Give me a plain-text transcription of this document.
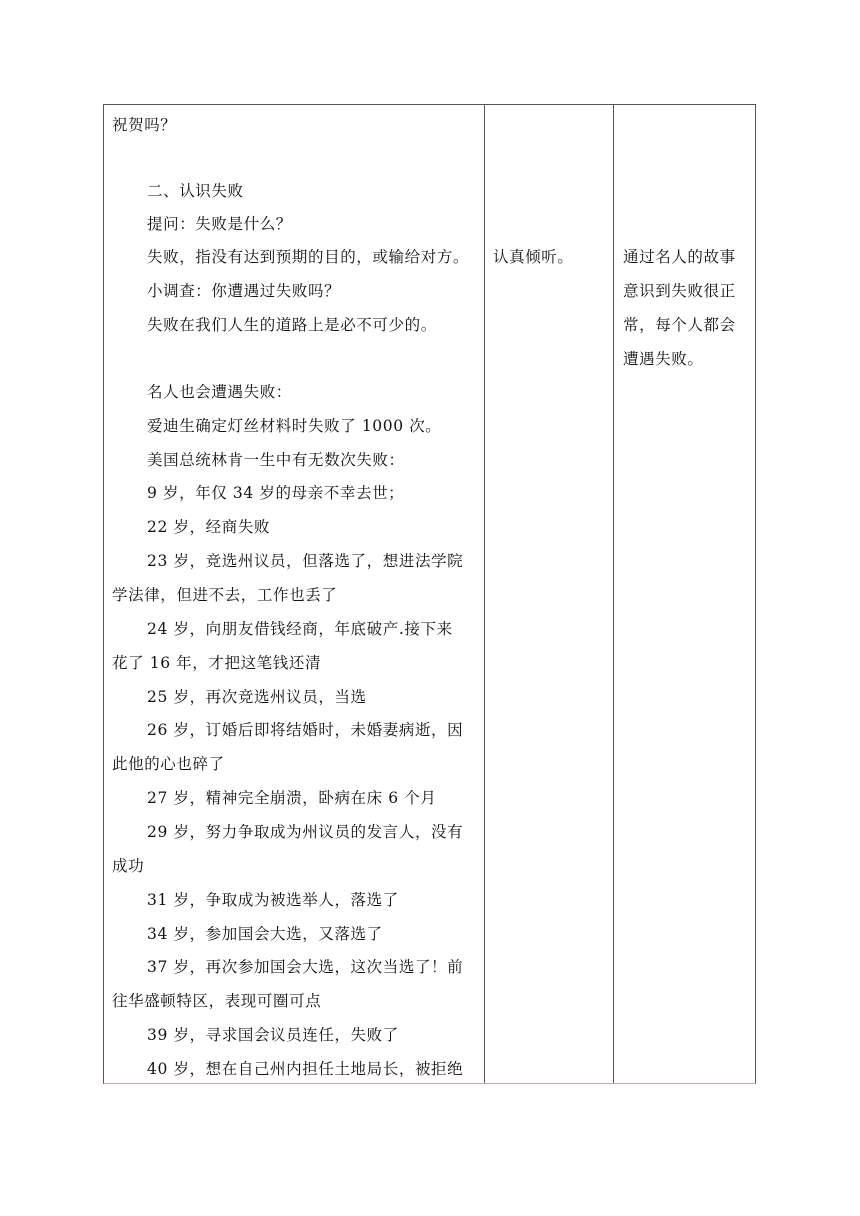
祝贺吗？
二、认识失败
提问：失败是什么？
失败，指没有达到预期的目的，或输给对方。
小调查：你遭遇过失败吗？
失败在我们人生的道路上是必不可少的。
名人也会遭遇失败：
爱迪生确定灯丝材料时失败了 1000 次。
美国总统林肯一生中有无数次失败：
9 岁，年仅 34 岁的母亲不幸去世；
22 岁，经商失败
23 岁，竞选州议员，但落选了，想进法学院
学法律，但进不去，工作也丢了
24 岁，向朋友借钱经商，年底破产.接下来
花了 16 年，才把这笔钱还清
25 岁，再次竞选州议员，当选
26 岁，订婚后即将结婚时，未婚妻病逝，因
此他的心也碎了
27 岁，精神完全崩溃，卧病在床 6 个月
29 岁，努力争取成为州议员的发言人，没有
成功
31 岁，争取成为被选举人，落选了
34 岁，参加国会大选，又落选了
37 岁，再次参加国会大选，这次当选了！前
往华盛顿特区，表现可圈可点
39 岁，寻求国会议员连任，失败了
40 岁，想在自己州内担任土地局长，被拒绝
认真倾听。	通过名人的故事
意识到失败很正
常，每个人都会
遭遇失败。
